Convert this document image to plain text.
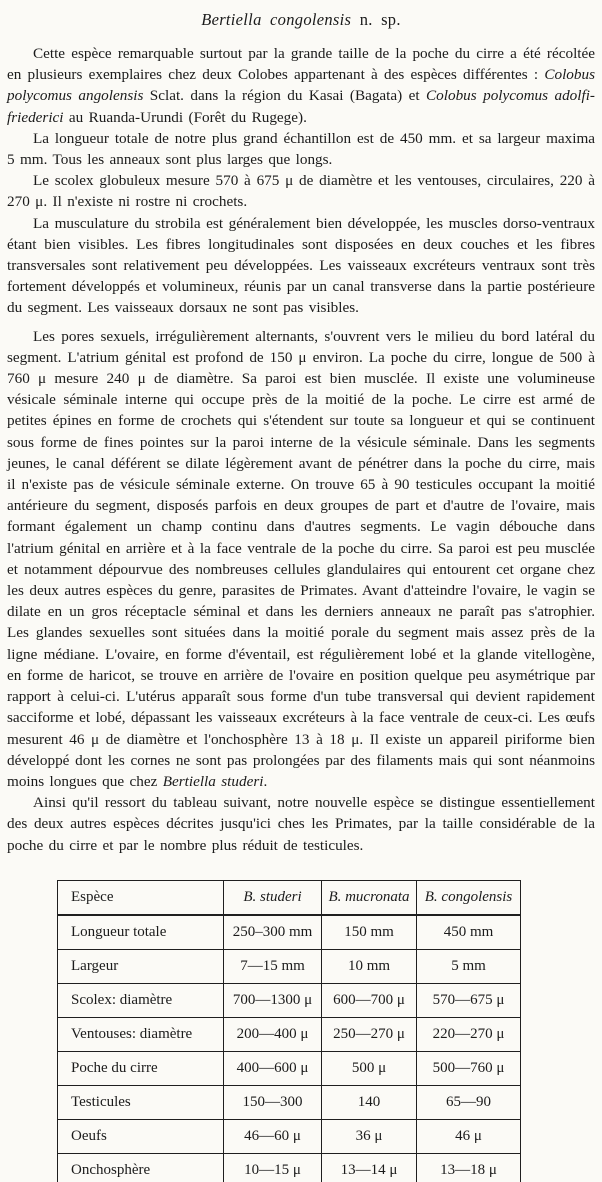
Bertiella congolensis n. sp.

Cette espèce remarquable surtout par la grande taille de la poche du cirre a été récoltée en plusieurs exemplaires chez deux Colobes appartenant à des espèces différentes : Colobus polycomus angolensis Sclat. dans la région du Kasai (Bagata) et Colobus polycomus adolfi-friederici au Ruanda-Urundi (Forêt du Rugege).

La longueur totale de notre plus grand échantillon est de 450 mm. et sa largeur maxima 5 mm. Tous les anneaux sont plus larges que longs.

Le scolex globuleux mesure 570 à 675 μ de diamètre et les ventouses, circulaires, 220 à 270 μ. Il n'existe ni rostre ni crochets.

La musculature du strobila est généralement bien développée, les muscles dorso-ventraux étant bien visibles. Les fibres longitudinales sont disposées en deux couches et les fibres transversales sont relativement peu développées. Les vaisseaux excréteurs ventraux sont très fortement développés et volumineux, réunis par un canal transverse dans la partie postérieure du segment. Les vaisseaux dorsaux ne sont pas visibles.

Les pores sexuels, irrégulièrement alternants, s'ouvrent vers le milieu du bord latéral du segment. L'atrium génital est profond de 150 μ environ. La poche du cirre, longue de 500 à 760 μ mesure 240 μ de diamètre. Sa paroi est bien musclée. Il existe une volumineuse vésicale séminale interne qui occupe près de la moitié de la poche. Le cirre est armé de petites épines en forme de crochets qui s'étendent sur toute sa longueur et qui se continuent sous forme de fines pointes sur la paroi interne de la vésicule séminale. Dans les segments jeunes, le canal déférent se dilate légèrement avant de pénétrer dans la poche du cirre, mais il n'existe pas de vésicule séminale externe. On trouve 65 à 90 testicules occupant la moitié antérieure du segment, disposés parfois en deux groupes de part et d'autre de l'ovaire, mais formant également un champ continu dans d'autres segments. Le vagin débouche dans l'atrium génital en arrière et à la face ventrale de la poche du cirre. Sa paroi est peu musclée et notamment dépourvue des nombreuses cellules glandulaires qui entourent cet organe chez les deux autres espèces du genre, parasites de Primates. Avant d'atteindre l'ovaire, le vagin se dilate en un gros réceptacle séminal et dans les derniers anneaux ne paraît pas s'atrophier. Les glandes sexuelles sont situées dans la moitié porale du segment mais assez près de la ligne médiane. L'ovaire, en forme d'éventail, est régulièrement lobé et la glande vitellogène, en forme de haricot, se trouve en arrière de l'ovaire en position quelque peu asymétrique par rapport à celui-ci. L'utérus apparaît sous forme d'un tube transversal qui devient rapidement sacciforme et lobé, dépassant les vaisseaux excréteurs à la face ventrale de ceux-ci. Les œufs mesurent 46 μ de diamètre et l'onchosphère 13 à 18 μ. Il existe un appareil piriforme bien développé dont les cornes ne sont pas prolongées par des filaments mais qui sont néanmoins moins longues que chez Bertiella studeri.

Ainsi qu'il ressort du tableau suivant, notre nouvelle espèce se distingue essentiellement des deux autres espèces décrites jusqu'ici ches les Primates, par la taille considérable de la poche du cirre et par le nombre plus réduit de testicules.

Espèce	B. studeri	B. mucronata	B. congolensis
Longueur totale	250–300 mm	150 mm	450 mm
Largeur	7—15 mm	10 mm	5 mm
Scolex: diamètre	700—1300 μ	600—700 μ	570—675 μ
Ventouses: diamètre	200—400 μ	250—270 μ	220—270 μ
Poche du cirre	400—600 μ	500 μ	500—760 μ
Testicules	150—300	140	65—90
Oeufs	46—60 μ	36 μ	46 μ
Onchosphère	10—15 μ	13—14 μ	13—18 μ
